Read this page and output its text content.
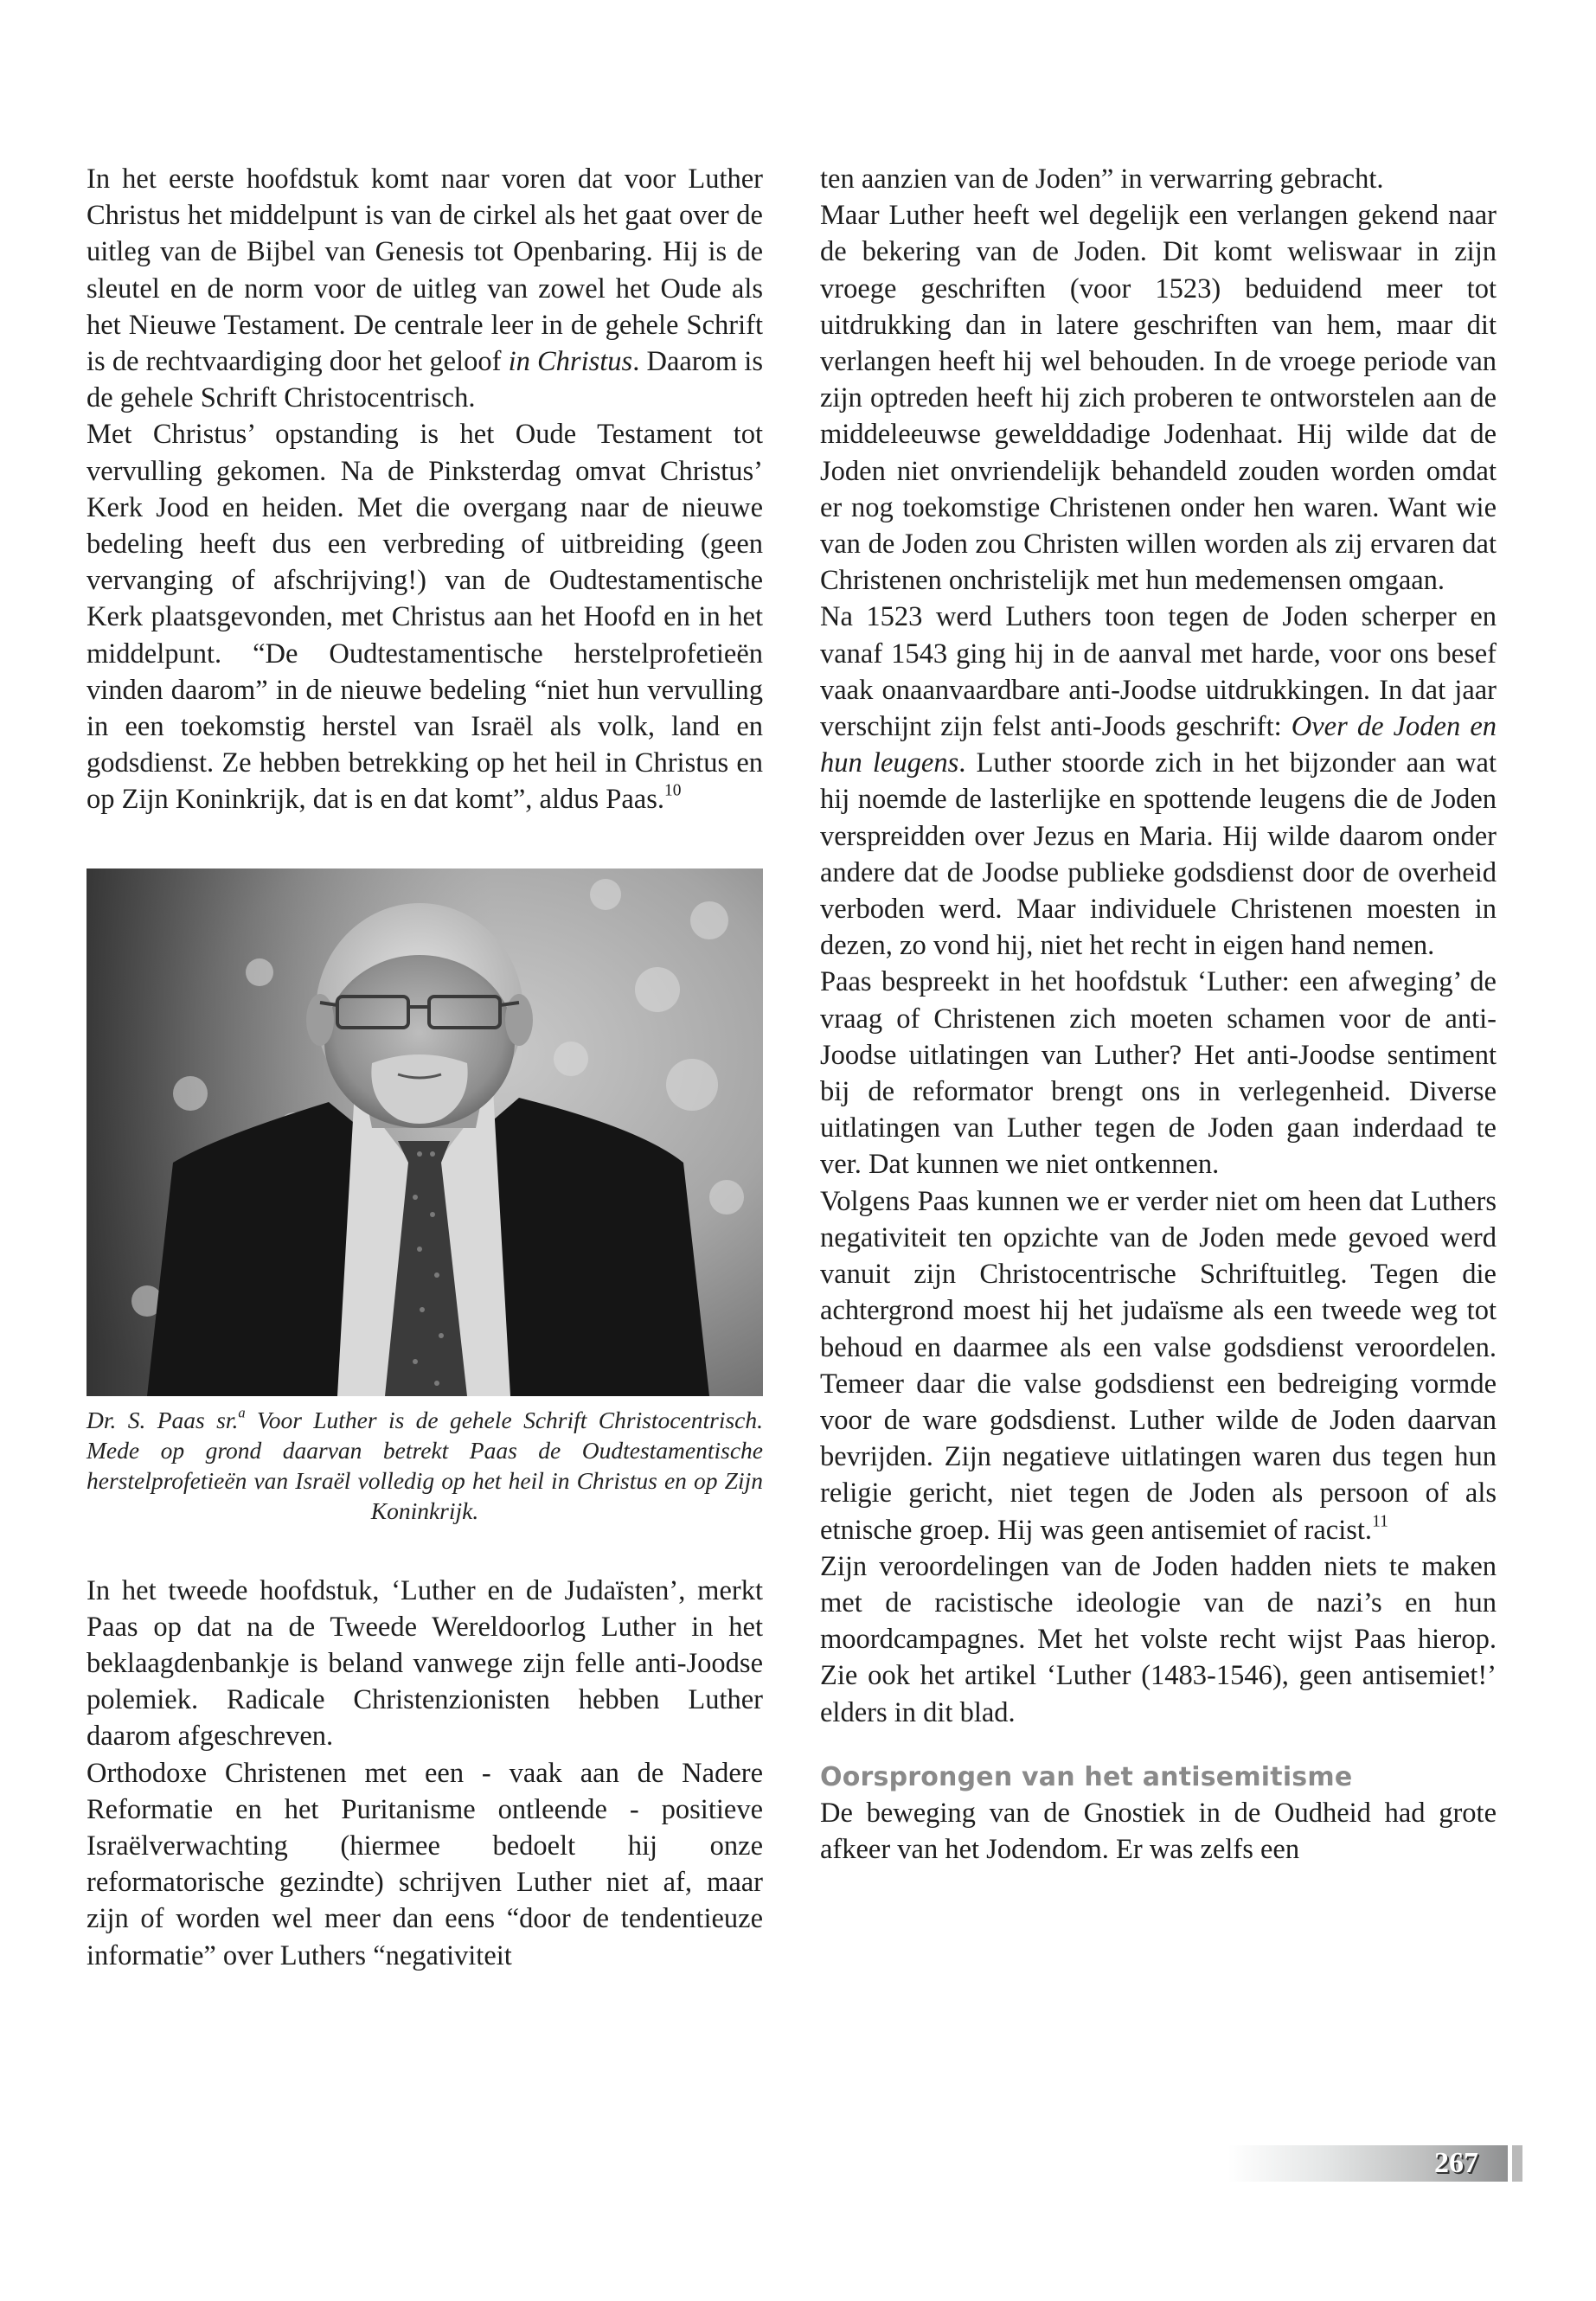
In het eerste hoofdstuk komt naar voren dat voor Luther Christus het middelpunt is van de cirkel als het gaat over de uitleg van de Bijbel van Genesis tot Openbaring. Hij is de sleutel en de norm voor de uitleg van zowel het Oude als het Nieuwe Testament. De centrale leer in de gehele Schrift is de rechtvaardiging door het geloof in Christus. Daarom is de gehele Schrift Christocentrisch.

Met Christus’ opstanding is het Oude Testament tot vervulling gekomen. Na de Pinksterdag omvat Christus’ Kerk Jood en heiden. Met die overgang naar de nieuwe bedeling heeft dus een verbreding of uitbreiding (geen vervanging of afschrijving!) van de Oudtestamentische Kerk plaatsgevonden, met Christus aan het Hoofd en in het middelpunt. “De Oudtestamentische herstelprofetieën vinden daarom” in de nieuwe bedeling “niet hun vervulling in een toekomstig herstel van Israël als volk, land en godsdienst. Ze hebben betrekking op het heil in Christus en op Zijn Koninkrijk, dat is en dat komt”, aldus Paas.$^{10}$

Dr. S. Paas sr.$^a$ Voor Luther is de gehele Schrift Christocentrisch. Mede op grond daarvan betrekt Paas de Oudtestamentische herstelprofetieën van Israël volledig op het heil in Christus en op Zijn Koninkrijk.

In het tweede hoofdstuk, ‘Luther en de Judaïsten’, merkt Paas op dat na de Tweede Wereldoorlog Luther in het beklaagdenbankje is beland vanwege zijn felle anti-Joodse polemiek. Radicale Christenzionisten hebben Luther daarom afgeschreven.

Orthodoxe Christenen met een - vaak aan de Nadere Reformatie en het Puritanisme ontleende - positieve Israëlverwachting (hiermee bedoelt hij onze reformatorische gezindte) schrijven Luther niet af, maar zijn of worden wel meer dan eens “door de tendentieuze informatie” over Luthers “negativiteit

ten aanzien van de Joden” in verwarring gebracht.

Maar Luther heeft wel degelijk een verlangen gekend naar de bekering van de Joden. Dit komt weliswaar in zijn vroege geschriften (voor 1523) beduidend meer tot uitdrukking dan in latere geschriften van hem, maar dit verlangen heeft hij wel behouden. In de vroege periode van zijn optreden heeft hij zich proberen te ontworstelen aan de middeleeuwse gewelddadige Jodenhaat. Hij wilde dat de Joden niet onvriendelijk behandeld zouden worden omdat er nog toekomstige Christenen onder hen waren. Want wie van de Joden zou Christen willen worden als zij ervaren dat Christenen onchristelijk met hun medemensen omgaan.

Na 1523 werd Luthers toon tegen de Joden scherper en vanaf 1543 ging hij in de aanval met harde, voor ons besef vaak onaanvaardbare anti-Joodse uitdrukkingen. In dat jaar verschijnt zijn felst anti-Joods geschrift: Over de Joden en hun leugens. Luther stoorde zich in het bijzonder aan wat hij noemde de lasterlijke en spottende leugens die de Joden verspreidden over Jezus en Maria. Hij wilde daarom onder andere dat de Joodse publieke godsdienst door de overheid verboden werd. Maar individuele Christenen moesten in dezen, zo vond hij, niet het recht in eigen hand nemen.

Paas bespreekt in het hoofdstuk ‘Luther: een afweging’ de vraag of Christenen zich moeten schamen voor de anti-Joodse uitlatingen van Luther? Het anti-Joodse sentiment bij de reformator brengt ons in verlegenheid. Diverse uitlatingen van Luther tegen de Joden gaan inderdaad te ver. Dat kunnen we niet ontkennen.

Volgens Paas kunnen we er verder niet om heen dat Luthers negativiteit ten opzichte van de Joden mede gevoed werd vanuit zijn Christocentrische Schriftuitleg. Tegen die achtergrond moest hij het judaïsme als een tweede weg tot behoud en daarmee als een valse godsdienst veroordelen. Temeer daar die valse godsdienst een bedreiging vormde voor de ware godsdienst. Luther wilde de Joden daarvan bevrijden. Zijn negatieve uitlatingen waren dus tegen hun religie gericht, niet tegen de Joden als persoon of als etnische groep. Hij was geen antisemiet of racist.$^{11}$

Zijn veroordelingen van de Joden hadden niets te maken met de racistische ideologie van de nazi’s en hun moordcampagnes. Met het volste recht wijst Paas hierop. Zie ook het artikel ‘Luther (1483-1546), geen antisemiet!’ elders in dit blad.

Oorsprongen van het antisemitisme

De beweging van de Gnostiek in de Oudheid had grote afkeer van het Jodendom. Er was zelfs een

267
